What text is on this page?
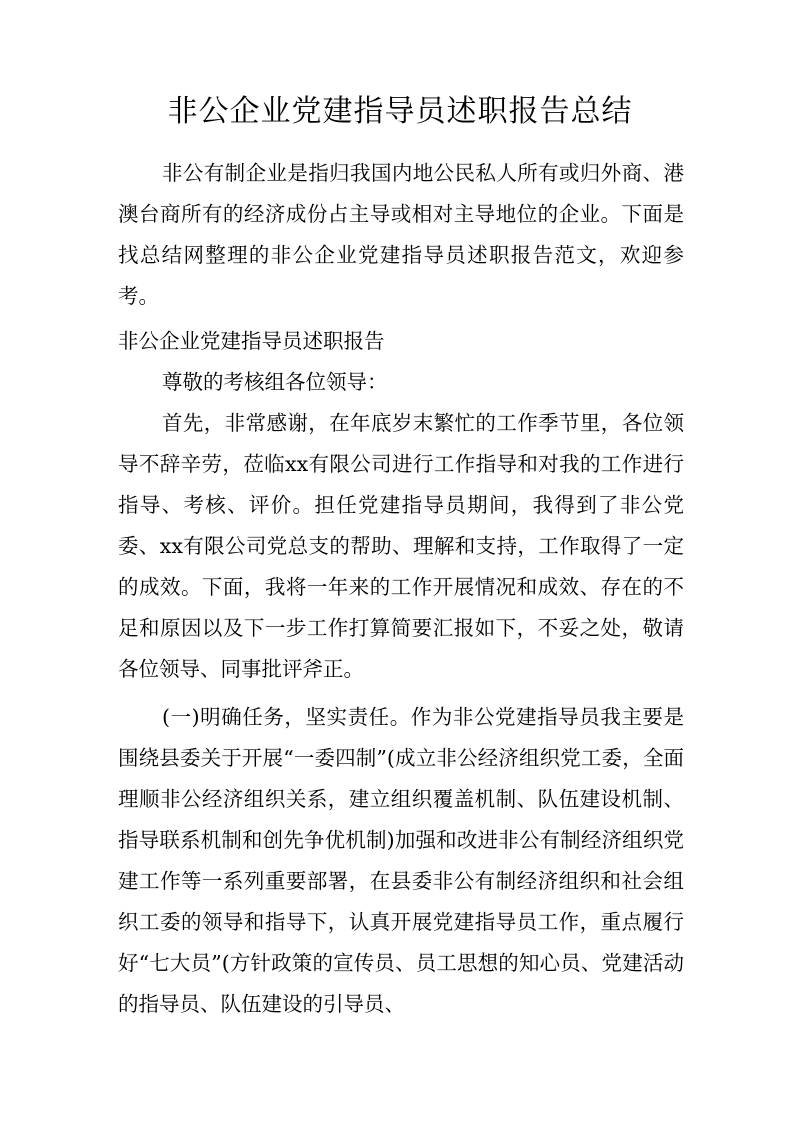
非公企业党建指导员述职报告总结

非公有制企业是指归我国内地公民私人所有或归外商、港澳台商所有的经济成份占主导或相对主导地位的企业。下面是找总结网整理的非公企业党建指导员述职报告范文，欢迎参考。

非公企业党建指导员述职报告

尊敬的考核组各位领导：

首先，非常感谢，在年底岁末繁忙的工作季节里，各位领导不辞辛劳，莅临xx有限公司进行工作指导和对我的工作进行指导、考核、评价。担任党建指导员期间，我得到了非公党委、xx有限公司党总支的帮助、理解和支持，工作取得了一定的成效。下面，我将一年来的工作开展情况和成效、存在的不足和原因以及下一步工作打算简要汇报如下，不妥之处，敬请各位领导、同事批评斧正。

(一)明确任务，坚实责任。作为非公党建指导员我主要是围绕县委关于开展“一委四制”(成立非公经济组织党工委，全面理顺非公经济组织关系，建立组织覆盖机制、队伍建设机制、指导联系机制和创先争优机制)加强和改进非公有制经济组织党建工作等一系列重要部署，在县委非公有制经济组织和社会组织工委的领导和指导下，认真开展党建指导员工作，重点履行好“七大员”(方针政策的宣传员、员工思想的知心员、党建活动的指导员、队伍建设的引导员、
